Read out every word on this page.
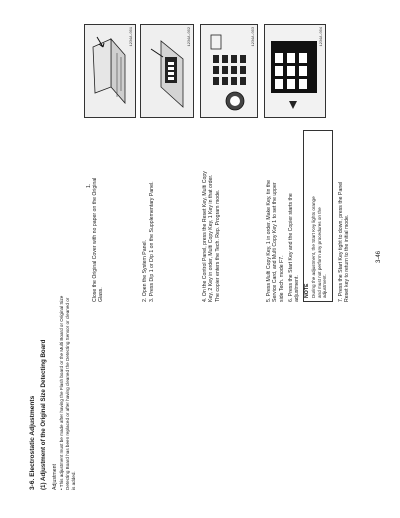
3-6. Electrostatic Adjustments (1) Adjustment of the Original Size Detecting Board Adjustment • This adjustment must be made after having the Flash board or the Multi Board or Original Size Detecting Board has been replaced or after having cleaned the Detecting Sensor or cleaned or is added.
1234A-001	1234A-002	1234A-003	1234A-004
1. Close the Original Cover with no paper on the Original Glass.	2. Open the System Panel.
3. Press Dip 1 or Dip 1 on the Supplementary Panel.
4. On the Control Panel, press the Reset Key, Multi Copy Key, 2 Key in order, Multi Copy Key, 1 Key in that order. The copier enters the Tech. Rep. Program mode.	5. Press Multi Copy Key, 1 in order. Make Key, tin the Service Card, and Multi Copy Key 1 to set the upper side Tech. mode F7. 6. Press the Start Key and the Copier starts the adjustment. NOTE During the adjustment, the Start Key lights orange and must not perform any procedures on the adjustment.
7. Press the Start Key tight to down, press the Panel Reset key to return to the initial mode.	3-46
